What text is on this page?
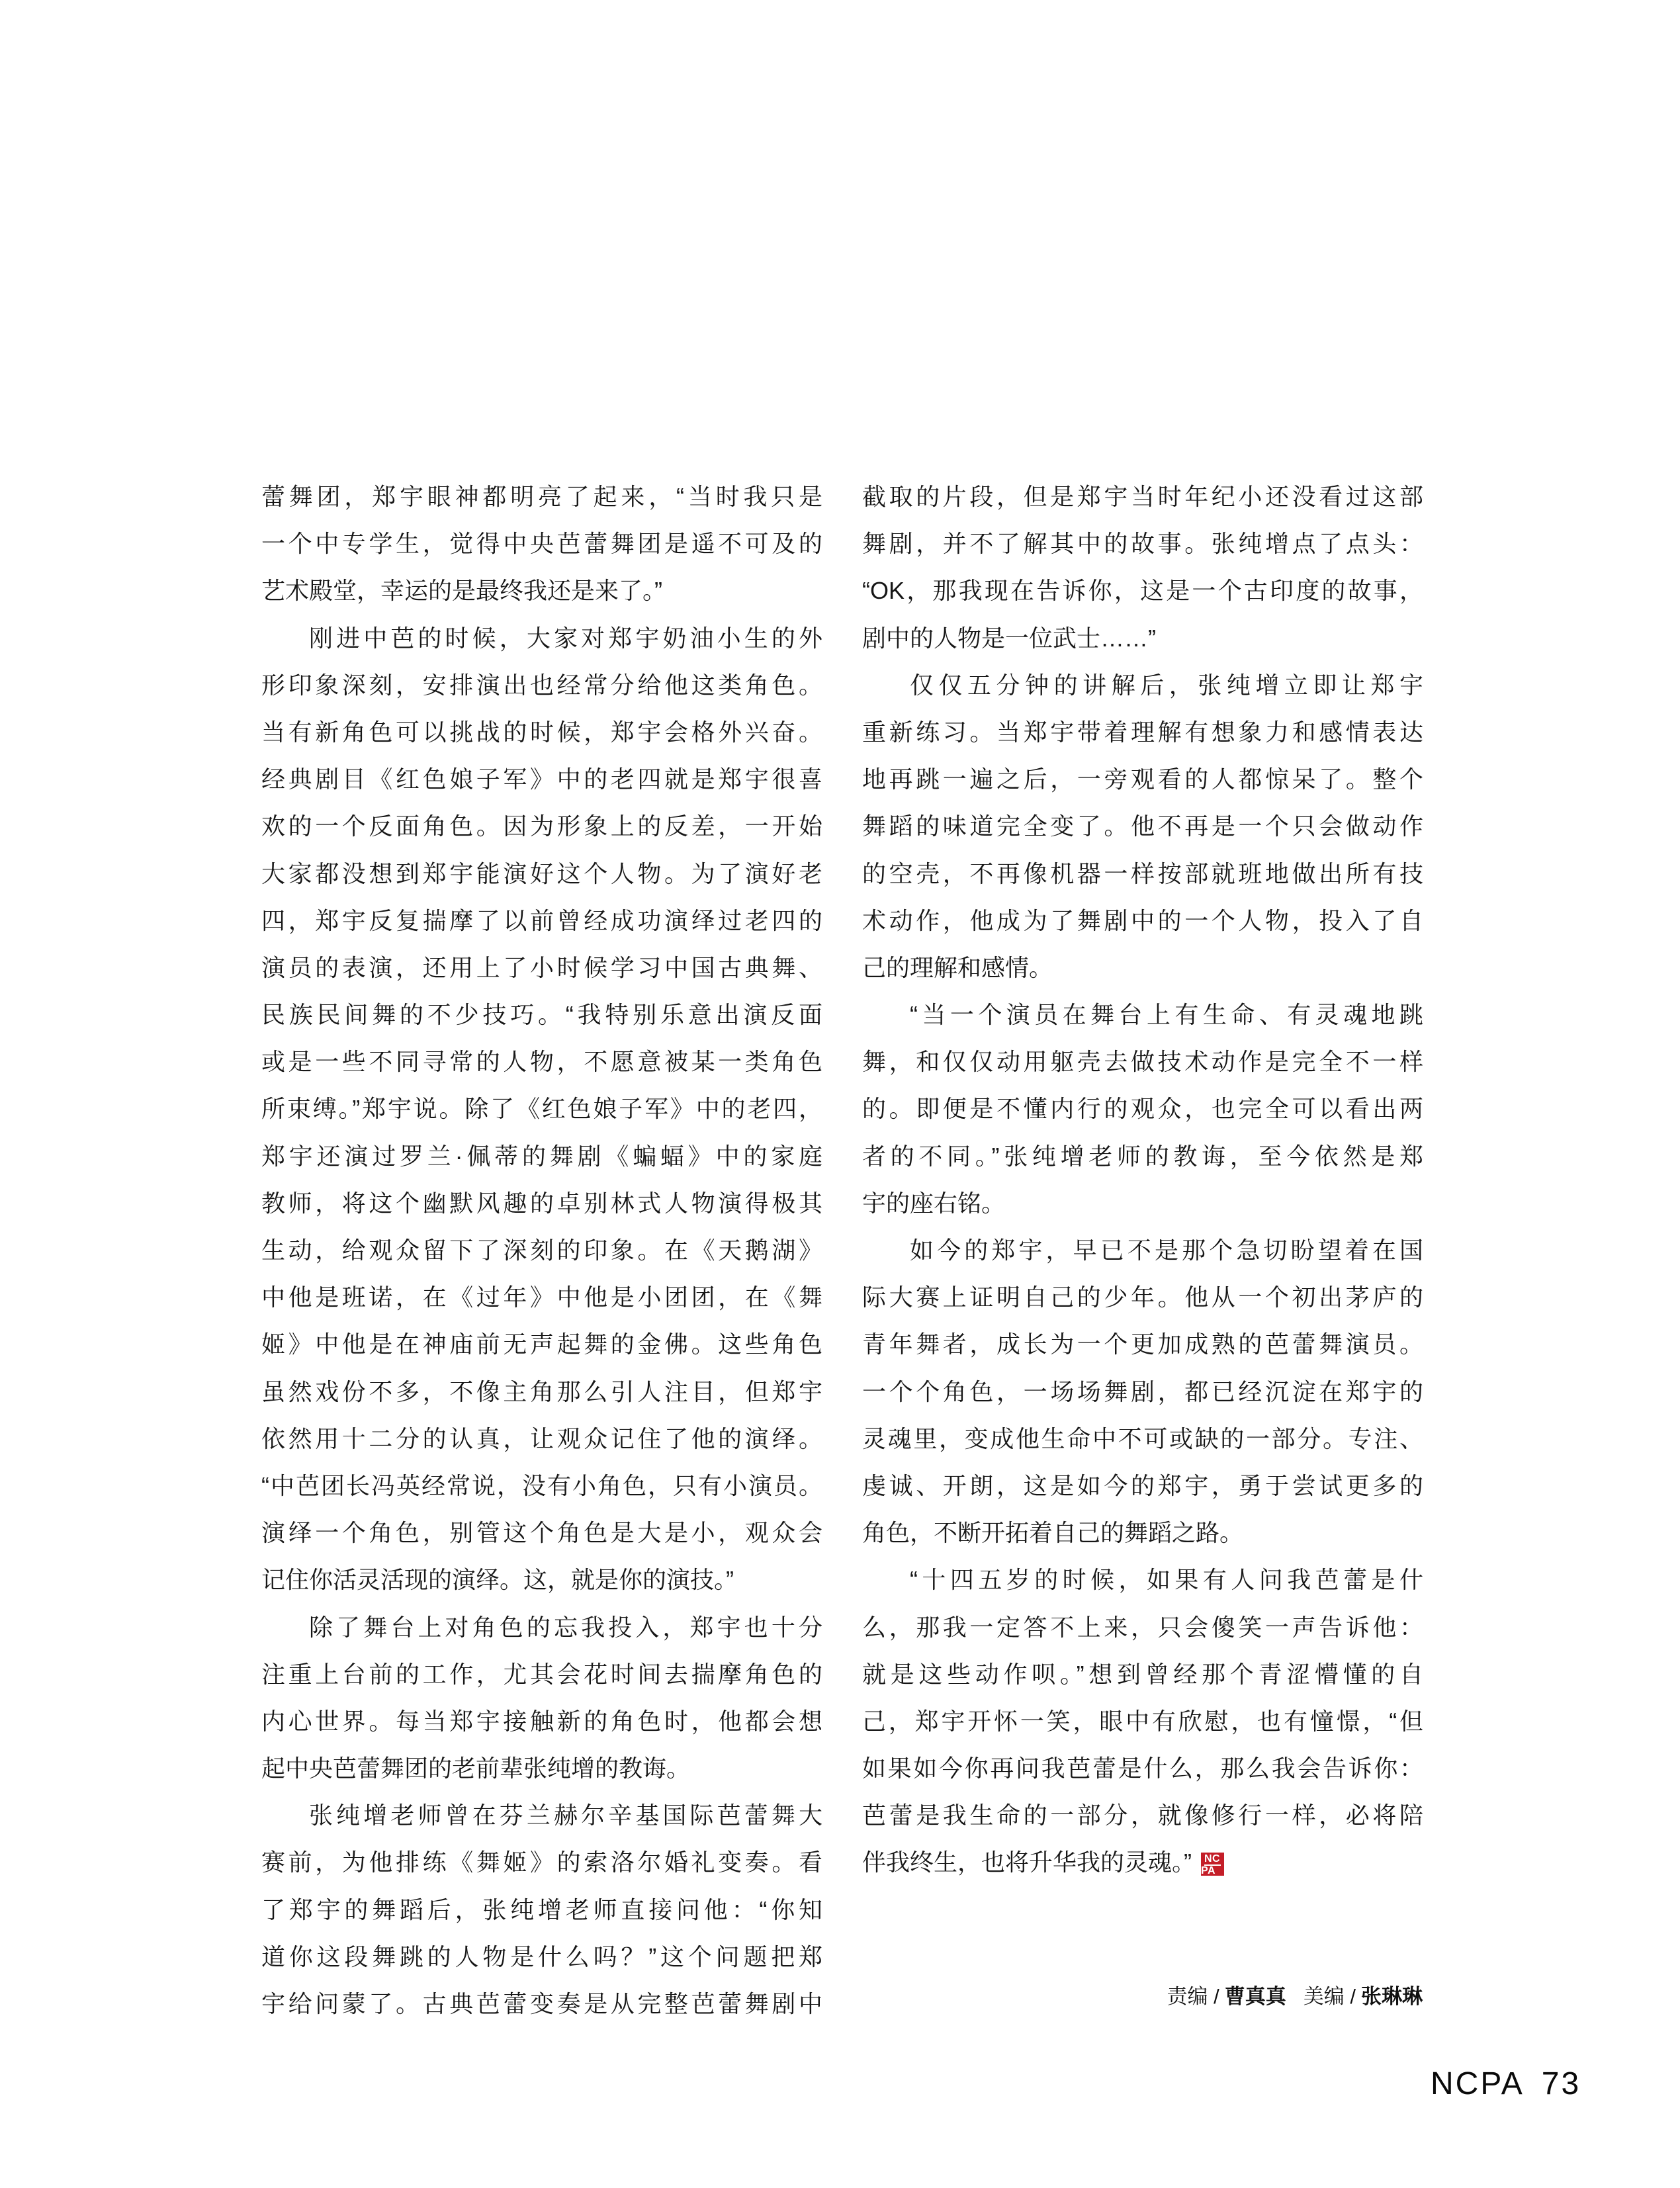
蕾舞团，郑宇眼神都明亮了起来，“当时我只是
一个中专学生，觉得中央芭蕾舞团是遥不可及的
艺术殿堂，幸运的是最终我还是来了。”
刚进中芭的时候，大家对郑宇奶油小生的外
形印象深刻，安排演出也经常分给他这类角色。
当有新角色可以挑战的时候，郑宇会格外兴奋。
经典剧目《红色娘子军》中的老四就是郑宇很喜
欢的一个反面角色。因为形象上的反差，一开始
大家都没想到郑宇能演好这个人物。为了演好老
四，郑宇反复揣摩了以前曾经成功演绎过老四的
演员的表演，还用上了小时候学习中国古典舞、
民族民间舞的不少技巧。“我特别乐意出演反面
或是一些不同寻常的人物，不愿意被某一类角色
所束缚。”郑宇说。除了《红色娘子军》中的老四，
郑宇还演过罗兰·佩蒂的舞剧《蝙蝠》中的家庭
教师，将这个幽默风趣的卓别林式人物演得极其
生动，给观众留下了深刻的印象。在《天鹅湖》
中他是班诺，在《过年》中他是小团团，在《舞
姬》中他是在神庙前无声起舞的金佛。这些角色
虽然戏份不多，不像主角那么引人注目，但郑宇
依然用十二分的认真，让观众记住了他的演绎。
“中芭团长冯英经常说，没有小角色，只有小演员。
演绎一个角色，别管这个角色是大是小，观众会
记住你活灵活现的演绎。这，就是你的演技。”
除了舞台上对角色的忘我投入，郑宇也十分
注重上台前的工作，尤其会花时间去揣摩角色的
内心世界。每当郑宇接触新的角色时，他都会想
起中央芭蕾舞团的老前辈张纯增的教诲。
张纯增老师曾在芬兰赫尔辛基国际芭蕾舞大
赛前，为他排练《舞姬》的索洛尔婚礼变奏。看
了郑宇的舞蹈后，张纯增老师直接问他：“你知
道你这段舞跳的人物是什么吗？”这个问题把郑
宇给问蒙了。古典芭蕾变奏是从完整芭蕾舞剧中
截取的片段，但是郑宇当时年纪小还没看过这部
舞剧，并不了解其中的故事。张纯增点了点头：
“OK，那我现在告诉你，这是一个古印度的故事，
剧中的人物是一位武士……”
仅仅五分钟的讲解后，张纯增立即让郑宇
重新练习。当郑宇带着理解有想象力和感情表达
地再跳一遍之后，一旁观看的人都惊呆了。整个
舞蹈的味道完全变了。他不再是一个只会做动作
的空壳，不再像机器一样按部就班地做出所有技
术动作，他成为了舞剧中的一个人物，投入了自
己的理解和感情。
“当一个演员在舞台上有生命、有灵魂地跳
舞，和仅仅动用躯壳去做技术动作是完全不一样
的。即便是不懂内行的观众，也完全可以看出两
者的不同。”张纯增老师的教诲，至今依然是郑
宇的座右铭。
如今的郑宇，早已不是那个急切盼望着在国
际大赛上证明自己的少年。他从一个初出茅庐的
青年舞者，成长为一个更加成熟的芭蕾舞演员。
一个个角色，一场场舞剧，都已经沉淀在郑宇的
灵魂里，变成他生命中不可或缺的一部分。专注、
虔诚、开朗，这是如今的郑宇，勇于尝试更多的
角色，不断开拓着自己的舞蹈之路。
“十四五岁的时候，如果有人问我芭蕾是什
么，那我一定答不上来，只会傻笑一声告诉他：
就是这些动作呗。”想到曾经那个青涩懵懂的自
己，郑宇开怀一笑，眼中有欣慰，也有憧憬，“但
如果如今你再问我芭蕾是什么，那么我会告诉你：
芭蕾是我生命的一部分，就像修行一样，必将陪
伴我终生，也将升华我的灵魂。” $\frac{NC}{PA}$
责编 / 曹真真 美编 / 张琳琳
NCPA 73
